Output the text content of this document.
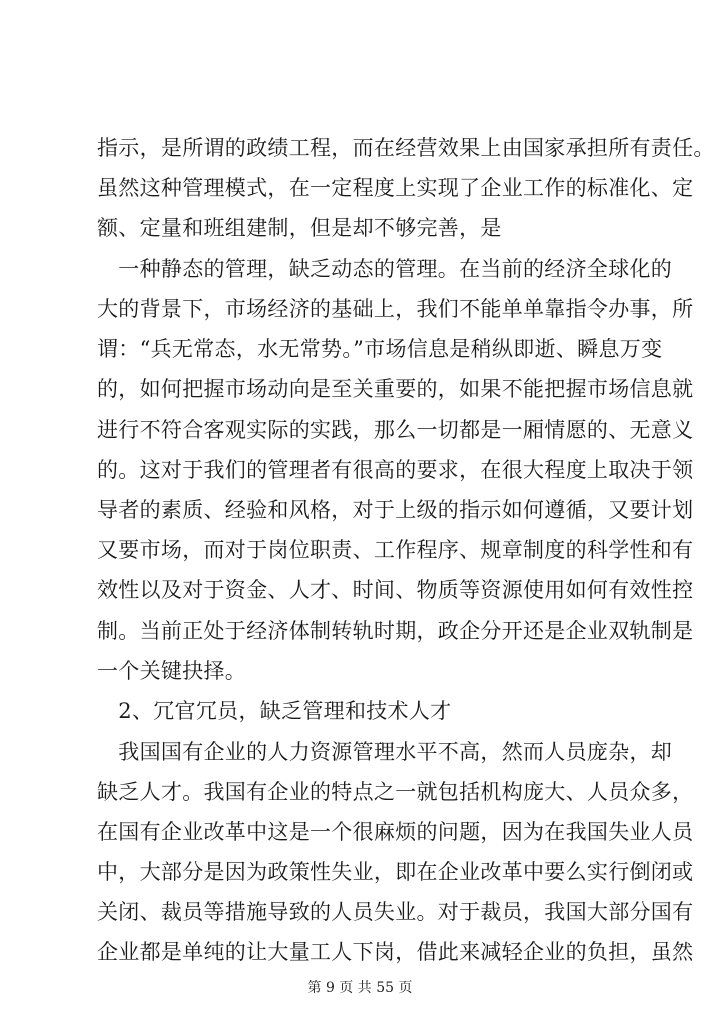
指示，是所谓的政绩工程，而在经营效果上由国家承担所有责任。
虽然这种管理模式，在一定程度上实现了企业工作的标准化、定
额、定量和班组建制，但是却不够完善，是
　一种静态的管理，缺乏动态的管理。在当前的经济全球化的
大的背景下，市场经济的基础上，我们不能单单靠指令办事，所
谓：“兵无常态，水无常势。”市场信息是稍纵即逝、瞬息万变
的，如何把握市场动向是至关重要的，如果不能把握市场信息就
进行不符合客观实际的实践，那么一切都是一厢情愿的、无意义
的。这对于我们的管理者有很高的要求，在很大程度上取决于领
导者的素质、经验和风格，对于上级的指示如何遵循，又要计划
又要市场，而对于岗位职责、工作程序、规章制度的科学性和有
效性以及对于资金、人才、时间、物质等资源使用如何有效性控
制。当前正处于经济体制转轨时期，政企分开还是企业双轨制是
一个关键抉择。
　2、冗官冗员，缺乏管理和技术人才
　我国国有企业的人力资源管理水平不高，然而人员庞杂，却
缺乏人才。我国有企业的特点之一就包括机构庞大、人员众多，
在国有企业改革中这是一个很麻烦的问题，因为在我国失业人员
中，大部分是因为政策性失业，即在企业改革中要么实行倒闭或
关闭、裁员等措施导致的人员失业。对于裁员，我国大部分国有
企业都是单纯的让大量工人下岗，借此来减轻企业的负担，虽然
第 9 页 共 55 页
